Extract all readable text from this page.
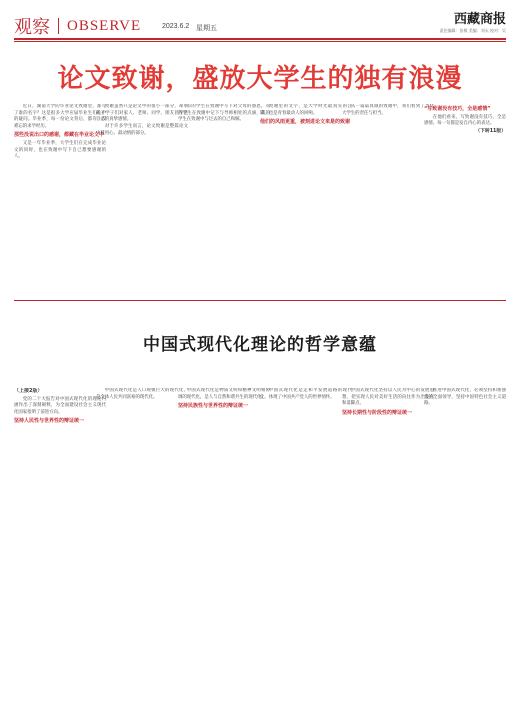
观察 OBSERVE	2023.6.2 星期五
西藏商报
责任编辑：张敏 美编：刘永 校对：吴
论文致谢，盛放大学生的独有浪漫
近日，湖南大学的毕业论文致谢里，都写了谁的名字？这是很多大学应届毕业生们心中的疑问。毕业季，每一份论文背后，都有一段难忘的求学经历。
那些没说出口的感谢，都藏在毕业论文中
又是一年毕业季，大学生们在完成毕业论文的同时，也在致谢中写下自己想要感谢的人。
致谢虽然只是论文中的很小一部分，却承载了学子们对家人、老师、同学、朋友甚至是自己的真挚感情。
对于许多学生而言，论文致谢是整篇论文中最用心、最动情的部分。
有的学生在致谢中写下对父母的感恩，有的学生在致谢中记下与导师相处的点滴，有的学生在致谢中与过去的自己和解。
致谢里的文字，是大学时光最真实的注脚，也是青春最动人的回响。
他们的风雨更重，被刻进论文来是的致谢
从一篇篇真诚的致谢中，我们看到了当代大学生的责任与担当。
“写致谢没有技巧，全是感情”
在他们看来，写致谢没有技巧，全是感情。每一句都是发自内心的表达。
（下转11版）
中国式现代化理论的哲学意蕴
（上接2版）
党的二十大报告对中国式现代化的理论内涵作出了深刻阐释，为全面建设社会主义现代化国家指明了前进方向。
坚持人民性与世界性的辩证统一
中国式现代化是人口规模巨大的现代化，是全体人民共同富裕的现代化。
中国式现代化是物质文明和精神文明相协调的现代化，是人与自然和谐共生的现代化。
坚持民族性与世界性的辩证统一
中国式现代化是走和平发展道路的现代化，体现了中国共产党人的世界情怀。
中国式现代化坚持以人民为中心的发展思想，把实现人民对美好生活的向往作为出发点和落脚点。
坚持长期性与阶段性的辩证统一
推进中国式现代化，必须坚持和加强党的全面领导，坚持中国特色社会主义道路。
